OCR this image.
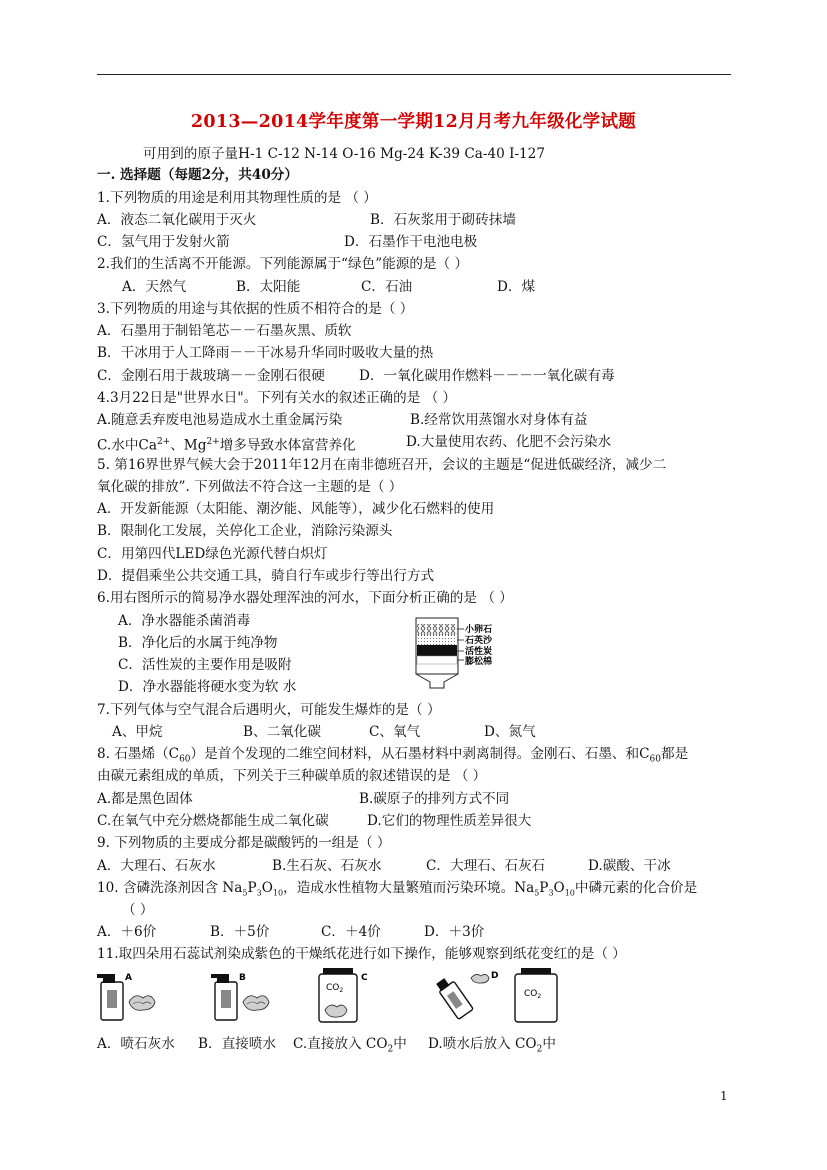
2013—2014学年度第一学期12月月考九年级化学试题
可用到的原子量H-1 C-12 N-14 O-16 Mg-24 K-39 Ca-40 I-127
一. 选择题（每题2分，共40分）
1.下列物质的用途是利用其物理性质的是 （ ）
A．液态二氧化碳用于灭火	B．石灰浆用于砌砖抹墙
C．氢气用于发射火箭	D．石墨作干电池电极
2.我们的生活离不开能源。下列能源属于“绿色”能源的是（ ）
A．天然气	B．太阳能	C．石油	D．煤
3.下列物质的用途与其依据的性质不相符合的是（ ）
A．石墨用于制铅笔芯－－石墨灰黑、质软
B．干冰用于人工降雨－－干冰易升华同时吸收大量的热
C．金刚石用于裁玻璃－－金刚石很硬	D．一氧化碳用作燃料－－－一氧化碳有毒
4.3月22日是"世界水日"。下列有关水的叙述正确的是 （ ）
A.随意丢弃废电池易造成水土重金属污染	B.经常饮用蒸馏水对身体有益
C.水中$Ca^{2+}$、$Mg^{2+}$增多导致水体富营养化	D.大量使用农药、化肥不会污染水
5. 第16界世界气候大会于2011年12月在南非德班召开，会议的主题是“促进低碳经济，减少二
氧化碳的排放”. 下列做法不符合这一主题的是（ ）
A．开发新能源（太阳能、潮汐能、风能等），减少化石燃料的使用
B．限制化工发展，关停化工企业，消除污染源头
C．用第四代LED绿色光源代替白炽灯
D．提倡乘坐公共交通工具，骑自行车或步行等出行方式
6.用右图所示的简易净水器处理浑浊的河水，下面分析正确的是 （ ）
A．净水器能杀菌消毒
B．净化后的水属于纯净物
C．活性炭的主要作用是吸附
D．净水器能将硬水变为软 水
小卵石
石英沙
活性炭
膨松棉
7.下列气体与空气混合后遇明火，可能发生爆炸的是（ ）
A、甲烷	B、二氧化碳	C、氧气	D、氮气
8. 石墨烯$(C_{60})$是首个发现的二维空间材料，从石墨材料中剥离制得。金刚石、石墨、和$C_{60}$都是
由碳元素组成的单质，下列关于三种碳单质的叙述错误的是 （ ）
A.都是黑色固体	B.碳原子的排列方式不同
C.在氧气中充分燃烧都能生成二氧化碳	D.它们的物理性质差异很大
9. 下列物质的主要成分都是碳酸钙的一组是（ ）
A．大理石、石灰水	B.生石灰、石灰水	C．大理石、石灰石	D.碳酸、干冰
10. 含磷洗涤剂因含 $Na_5P_3O_{10}$，造成水性植物大量繁殖而污染环境。$Na_5P_3O_{10}$中磷元素的化合价是
（ ）
A．＋6价	B．＋5价	C．＋4价	D．＋3价
11.取四朵用石蕊试剂染成紫色的干燥纸花进行如下操作，能够观察到纸花变红的是（ ）
A	B
$CO_2$
C	D
$CO_2$
A．喷石灰水 B．直接喷水 C.直接放入 $CO_2$中 D.喷水后放入 $CO_2$中
1
